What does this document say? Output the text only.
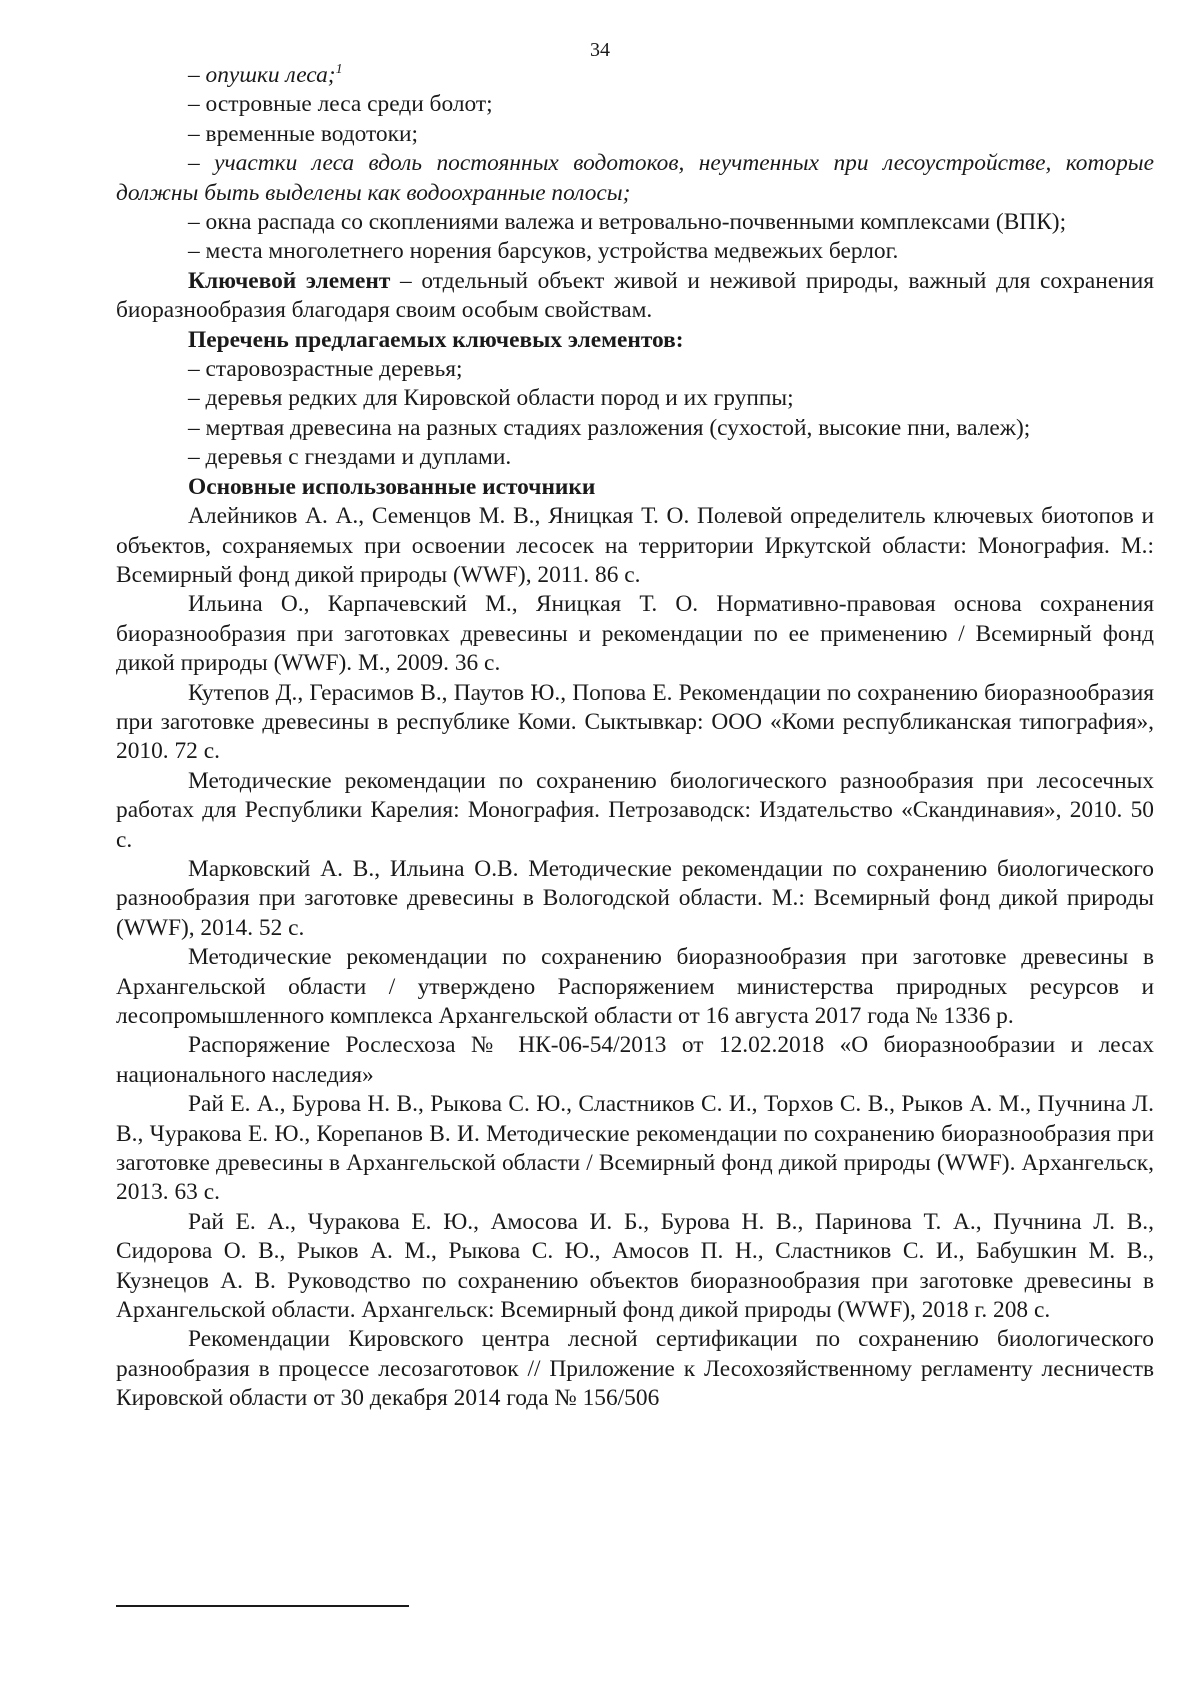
34

– опушки леса;$^1$

– островные леса среди болот;

– временные водотоки;

– участки леса вдоль постоянных водотоков, неучтенных при лесоустройстве, которые должны быть выделены как водоохранные полосы;

– окна распада со скоплениями валежа и ветровально-почвенными комплексами (ВПК);

– места многолетнего норения барсуков, устройства медвежьих берлог.

Ключевой элемент – отдельный объект живой и неживой природы, важный для сохранения биоразнообразия благодаря своим особым свойствам.

Перечень предлагаемых ключевых элементов:

– старовозрастные деревья;

– деревья редких для Кировской области пород и их группы;

– мертвая древесина на разных стадиях разложения (сухостой, высокие пни, валеж);

– деревья с гнездами и дуплами.

Основные использованные источники

Алейников А. А., Семенцов М. В., Яницкая Т. О. Полевой определитель ключевых биотопов и объектов, сохраняемых при освоении лесосек на территории Иркутской области: Монография. М.: Всемирный фонд дикой природы (WWF), 2011. 86 с.

Ильина О., Карпачевский М., Яницкая Т. О. Нормативно-правовая основа сохранения биоразнообразия при заготовках древесины и рекомендации по ее применению / Всемирный фонд дикой природы (WWF). М., 2009. 36 с.

Кутепов Д., Герасимов В., Паутов Ю., Попова Е. Рекомендации по сохранению биоразнообразия при заготовке древесины в республике Коми. Сыктывкар: ООО «Коми республиканская типография», 2010. 72 с.

Методические рекомендации по сохранению биологического разнообразия при лесосечных работах для Республики Карелия: Монография. Петрозаводск: Издательство «Скандинавия», 2010. 50 с.

Марковский А. В., Ильина О.В. Методические рекомендации по сохранению биологического разнообразия при заготовке древесины в Вологодской области. М.: Всемирный фонд дикой природы (WWF), 2014. 52 с.

Методические рекомендации по сохранению биоразнообразия при заготовке древесины в Архангельской области / утверждено Распоряжением министерства природных ресурсов и лесопромышленного комплекса Архангельской области от 16 августа 2017 года № 1336 р.

Распоряжение Рослесхоза № НК-06-54/2013 от 12.02.2018 «О биоразнообразии и лесах национального наследия»

Рай Е. А., Бурова Н. В., Рыкова С. Ю., Сластников С. И., Торхов С. В., Рыков А. М., Пучнина Л. В., Чуракова Е. Ю., Корепанов В. И. Методические рекомендации по сохранению биоразнообразия при заготовке древесины в Архангельской области / Всемирный фонд дикой природы (WWF). Архангельск, 2013. 63 с.

Рай Е. А., Чуракова Е. Ю., Амосова И. Б., Бурова Н. В., Паринова Т. А., Пучнина Л. В., Сидорова О. В., Рыков А. М., Рыкова С. Ю., Амосов П. Н., Сластников С. И., Бабушкин М. В., Кузнецов А. В. Руководство по сохранению объектов биоразнообразия при заготовке древесины в Архангельской области. Архангельск: Всемирный фонд дикой природы (WWF), 2018 г. 208 с.

Рекомендации Кировского центра лесной сертификации по сохранению биологического разнообразия в процессе лесозаготовок // Приложение к Лесохозяйственному регламенту лесничеств Кировской области от 30 декабря 2014 года № 156/506
